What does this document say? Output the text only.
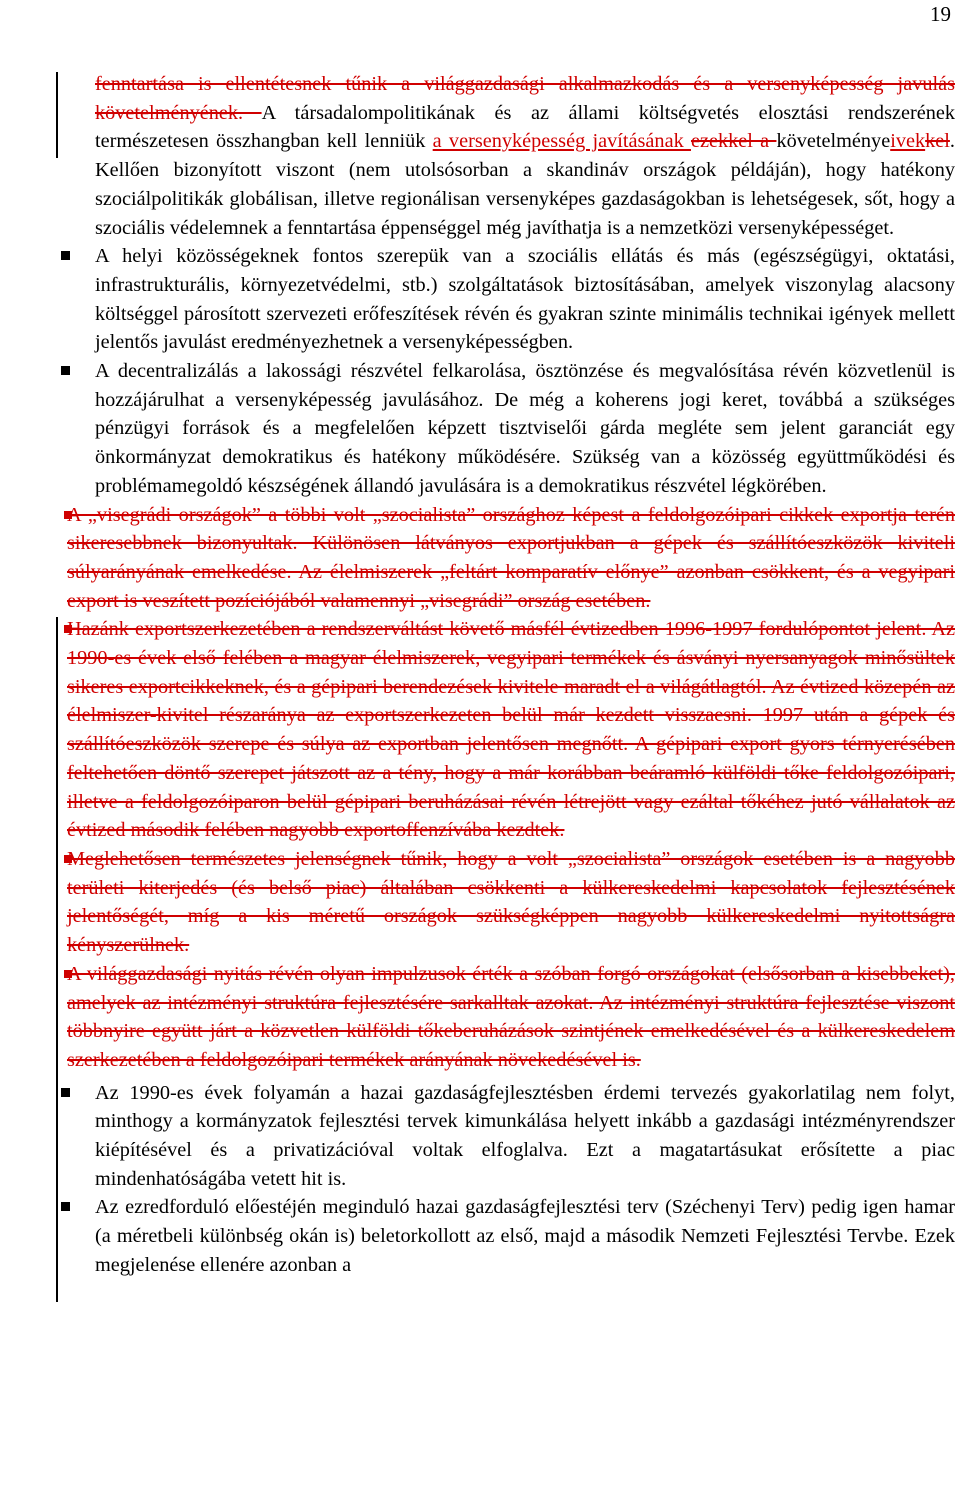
19

fenntartása is ellentétesnek tűnik a világgazdasági alkalmazkodás és a versenyképesség javulás követelményének. A társadalompolitikának és az állami költségvetés elosztási rendszerének természetesen összhangban kell lenniük a versenyképesség javításának ezekkel a követelményeivekkel. Kellően bizonyított viszont (nem utolsósorban a skandináv országok példáján), hogy hatékony szociálpolitikák globálisan, illetve regionálisan versenyképes gazdaságokban is lehetségesek, sőt, hogy a szociális védelemnek a fenntartása éppenséggel még javíthatja is a nemzetközi versenyképességet.

A helyi közösségeknek fontos szerepük van a szociális ellátás és más (egészségügyi, oktatási, infrastrukturális, környezetvédelmi, stb.) szolgáltatások biztosításában, amelyek viszonylag alacsony költséggel párosított szervezeti erőfeszítések révén és gyakran szinte minimális technikai igények mellett jelentős javulást eredményezhetnek a versenyképességben.

A decentralizálás a lakossági részvétel felkarolása, ösztönzése és megvalósítása révén közvetlenül is hozzájárulhat a versenyképesség javulásához. De még a koherens jogi keret, továbbá a szükséges pénzügyi források és a megfelelően képzett tisztviselői gárda megléte sem jelent garanciát egy önkormányzat demokratikus és hatékony működésére. Szükség van a közösség együttműködési és problémamegoldó készségének állandó javulására is a demokratikus részvétel légkörében.

A „visegrádi országok” a többi volt „szocialista” országhoz képest a feldolgozóipari cikkek exportja terén sikeresebbnek bizonyultak. Különösen látványos exportjukban a gépek és szállítóeszközök kiviteli súlyarányának emelkedése. Az élelmiszerek „feltárt komparatív előnye” azonban csökkent, és a vegyipari export is veszített pozíciójából valamennyi „visegrádi” ország esetében.

Hazánk exportszerkezetében a rendszerváltást követő másfél évtizedben 1996-1997 fordulópontot jelent. Az 1990-es évek első felében a magyar élelmiszerek, vegyipari termékek és ásványi nyersanyagok minősültek sikeres exportcikkeknek, és a gépipari berendezések kivitele maradt el a világátlagtól. Az évtized közepén az élelmiszer-kivitel részaránya az exportszerkezeten belül már kezdett visszaesni. 1997 után a gépek és szállítóeszközök szerepe és súlya az exportban jelentősen megnőtt. A gépipari export gyors térnyerésében feltehetően döntő szerepet játszott az a tény, hogy a már korábban beáramló külföldi tőke feldolgozóipari, illetve a feldolgozóiparon belül gépipari beruházásai révén létrejött vagy ezáltal tőkéhez jutó vállalatok az évtized második felében nagyobb exportoffenzívába kezdtek.

Meglehetősen természetes jelenségnek tűnik, hogy a volt „szocialista” országok esetében is a nagyobb területi kiterjedés (és belső piac) általában csökkenti a külkereskedelmi kapcsolatok fejlesztésének jelentőségét, míg a kis méretű országok szükségképpen nagyobb külkereskedelmi nyitottságra kényszerülnek.

A világgazdasági nyitás révén olyan impulzusok érték a szóban forgó országokat (elsősorban a kisebbeket), amelyek az intézményi struktúra fejlesztésére sarkalltak azokat. Az intézményi struktúra fejlesztése viszont többnyire együtt járt a közvetlen külföldi tőkeberuházások szintjének emelkedésével és a külkereskedelem szerkezetében a feldolgozóipari termékek arányának növekedésével is.

Az 1990-es évek folyamán a hazai gazdaságfejlesztésben érdemi tervezés gyakorlatilag nem folyt, minthogy a kormányzatok fejlesztési tervek kimunkálása helyett inkább a gazdasági intézményrendszer kiépítésével és a privatizációval voltak elfoglalva. Ezt a magatartásukat erősítette a piac mindenhatóságába vetett hit is.

Az ezredforduló előestéjén meginduló hazai gazdaságfejlesztési terv (Széchenyi Terv) pedig igen hamar (a méretbeli különbség okán is) beletorkollott az első, majd a második Nemzeti Fejlesztési Tervbe. Ezek megjelenése ellenére azonban a
